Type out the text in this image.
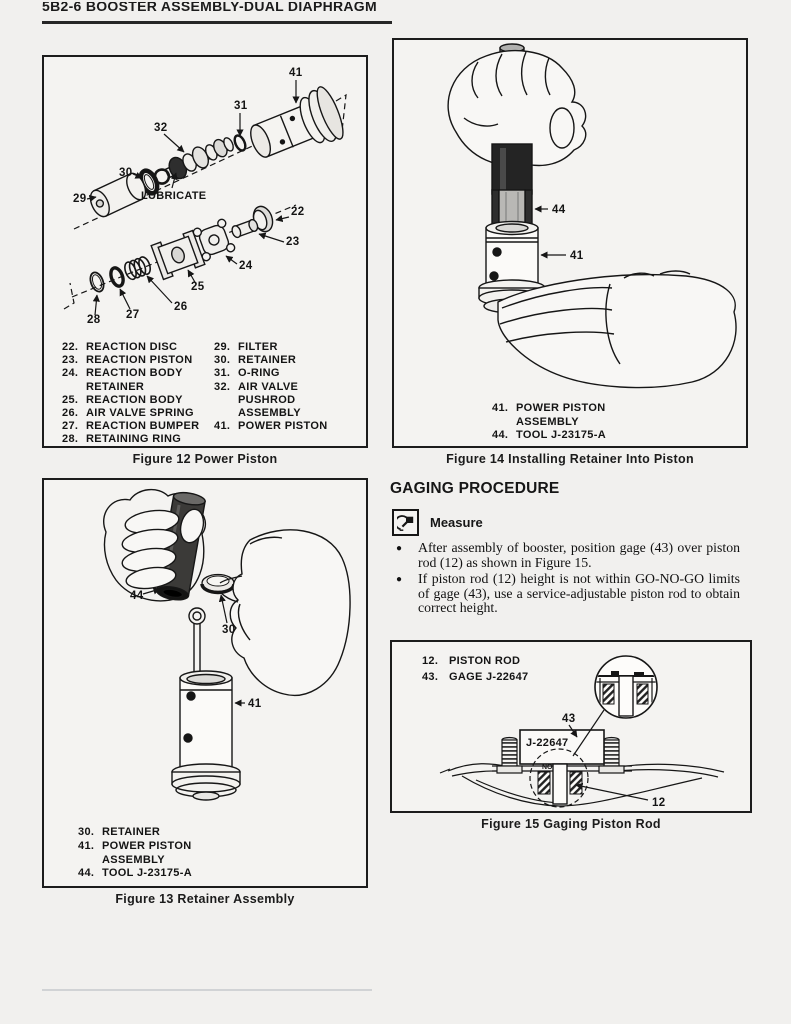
5B2-6 BOOSTER ASSEMBLY-DUAL DIAPHRAGM
41
31
32
30
29	LUBRICATE
22
23
24
25
26
27
28
22. REACTION DISC
23. REACTION PISTON
24. REACTION BODY
RETAINER
25. REACTION BODY
26. AIR VALVE SPRING
27. REACTION BUMPER
28. RETAINING RING
29. FILTER
30. RETAINER
31. O-RING
32. AIR VALVE
PUSHROD
ASSEMBLY
41. POWER PISTON
Figure 12 Power Piston
44
41
41. POWER PISTON
ASSEMBLY
44. TOOL J-23175-A
Figure 14 Installing Retainer Into Piston
GAGING PROCEDURE
Measure
● After assembly of booster, position gage (43) over piston rod (12) as shown in Figure 15.
● If piston rod (12) height is not within GO-NO-GO limits of gage (43), use a service-adjustable piston rod to obtain correct height.
44
30
41
30. RETAINER
41. POWER PISTON
ASSEMBLY
44. TOOL J-23175-A
Figure 13 Retainer Assembly
12. PISTON ROD
43. GAGE J-22647
J-22647
NO
43
12
Figure 15 Gaging Piston Rod
